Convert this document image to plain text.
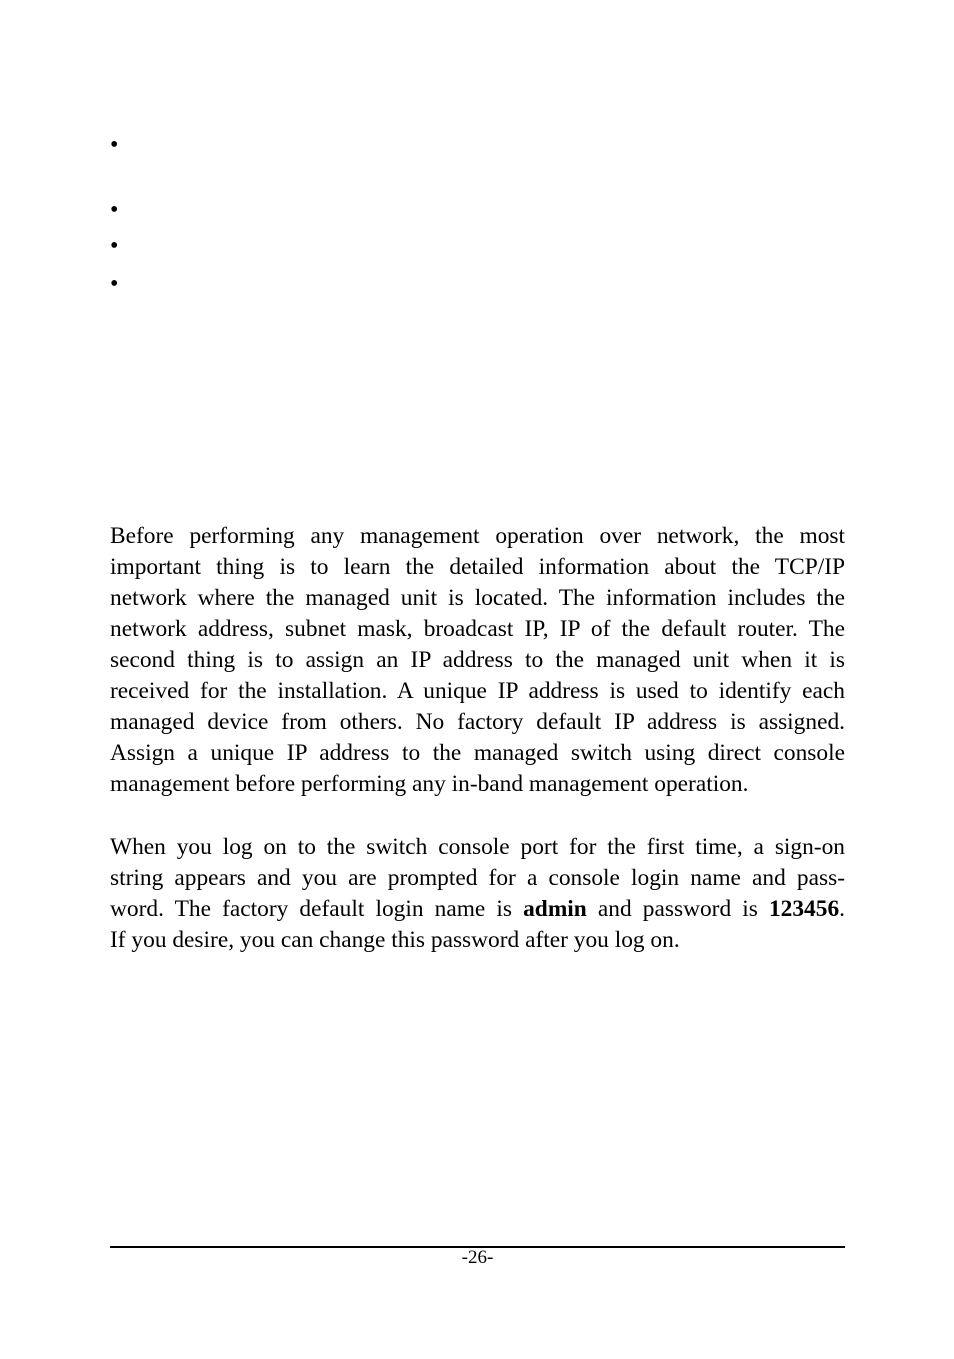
•
•
•
•
Before performing any management operation over network, the most
important thing is to learn the detailed information about the TCP/IP
network where the managed unit is located. The information includes the
network address, subnet mask, broadcast IP, IP of the default router. The
second thing is to assign an IP address to the managed unit when it is
received for the installation. A unique IP address is used to identify each
managed device from others. No factory default IP address is assigned.
Assign a unique IP address to the managed switch using direct console
management before performing any in-band management operation.
When you log on to the switch console port for the first time, a sign-on
string appears and you are prompted for a console login name and pass-
word. The factory default login name is admin and password is 123456.
If you desire, you can change this password after you log on.
-26-
